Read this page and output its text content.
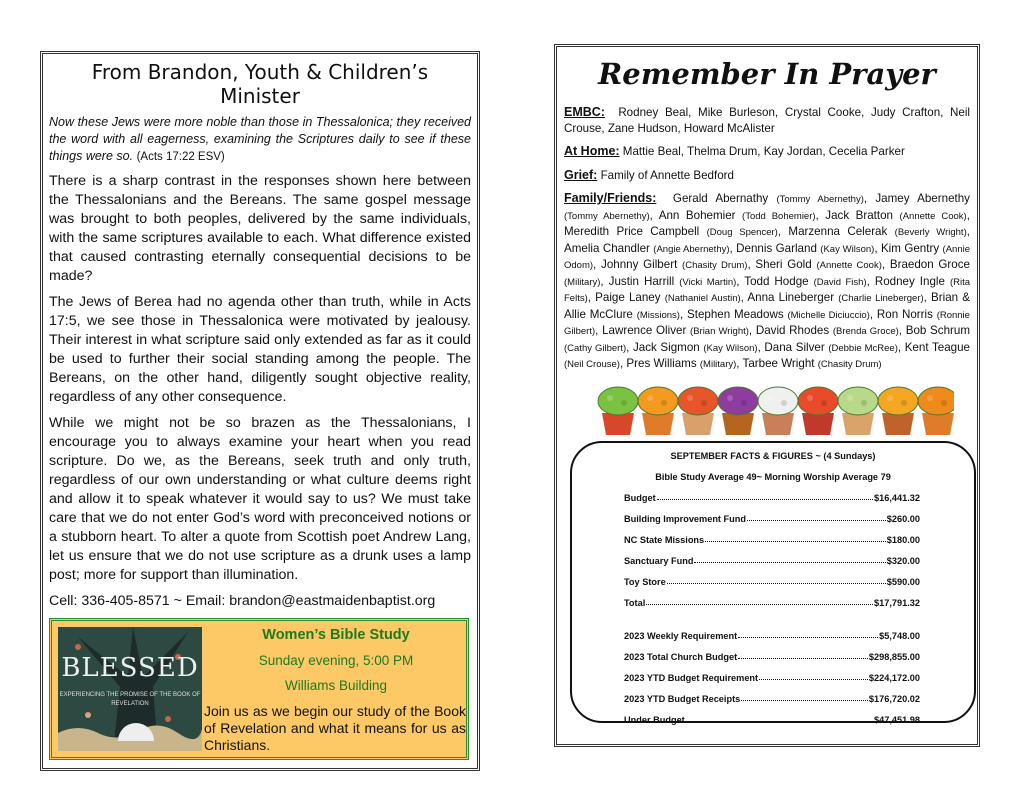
From Brandon, Youth & Children’s Minister

Now these Jews were more noble than those in Thessalonica; they received the word with all eagerness, examining the Scriptures daily to see if these things were so. (Acts 17:22 ESV)

There is a sharp contrast in the responses shown here between the Thessalonians and the Bereans. The same gospel message was brought to both peoples, delivered by the same individuals, with the same scriptures available to each. What difference existed that caused contrasting eternally consequential decisions to be made?

The Jews of Berea had no agenda other than truth, while in Acts 17:5, we see those in Thessalonica were motivated by jealousy. Their interest in what scripture said only extended as far as it could be used to further their social standing among the people. The Bereans, on the other hand, diligently sought objective reality, regardless of any other consequence.

While we might not be so brazen as the Thessalonians, I encourage you to always examine your heart when you read scripture. Do we, as the Bereans, seek truth and only truth, regardless of our own understanding or what culture deems right and allow it to speak whatever it would say to us? We must take care that we do not enter God’s word with preconceived notions or a stubborn heart. To alter a quote from Scottish poet Andrew Lang, let us ensure that we do not use scripture as a drunk uses a lamp post; more for support than illumination.

Cell: 336-405-8571 ~ Email: brandon@eastmaidenbaptist.org

BLESSED
EXPERIENCING THE PROMISE OF THE BOOK OF REVELATION
Women’s Bible Study
Sunday evening, 5:00 PM
Williams Building
Join us as we begin our study of the Book of Revelation and what it means for us as Christians.
Remember In Prayer

EMBC: Rodney Beal, Mike Burleson, Crystal Cooke, Judy Crafton, Neil Crouse, Zane Hudson, Howard McAlister

At Home: Mattie Beal, Thelma Drum, Kay Jordan, Cecelia Parker

Grief: Family of Annette Bedford

Family/Friends: Gerald Abernathy (Tommy Abernethy), Jamey Abernethy (Tommy Abernethy), Ann Bohemier (Todd Bohemier), Jack Bratton (Annette Cook), Meredith Price Campbell (Doug Spencer), Marzenna Celerak (Beverly Wright), Amelia Chandler (Angie Abernethy), Dennis Garland (Kay Wilson), Kim Gentry (Annie Odom), Johnny Gilbert (Chasity Drum), Sheri Gold (Annette Cook), Braedon Groce (Military), Justin Harrill (Vicki Martin), Todd Hodge (David Fish), Rodney Ingle (Rita Felts), Paige Laney (Nathaniel Austin), Anna Lineberger (Charlie Lineberger), Brian & Allie McClure (Missions), Stephen Meadows (Michelle Diciuccio), Ron Norris (Ronnie Gilbert), Lawrence Oliver (Brian Wright), David Rhodes (Brenda Groce), Bob Schrum (Cathy Gilbert), Jack Sigmon (Kay Wilson), Dana Silver (Debbie McRee), Kent Teague (Neil Crouse), Pres Williams (Military), Tarbee Wright (Chasity Drum)

SEPTEMBER FACTS & FIGURES ~ (4 Sundays)
Bible Study Average 49~ Morning Worship Average 79
Budget	$16,441.32
Building Improvement Fund	$260.00
NC State Missions	$180.00
Sanctuary Fund	$320.00
Toy Store	$590.00
Total	$17,791.32
2023 Weekly Requirement	$5,748.00
2023 Total Church Budget	$298,855.00
2023 YTD Budget Requirement	$224,172.00
2023 YTD Budget Receipts	$176,720.02
Under Budget	$47,451.98
